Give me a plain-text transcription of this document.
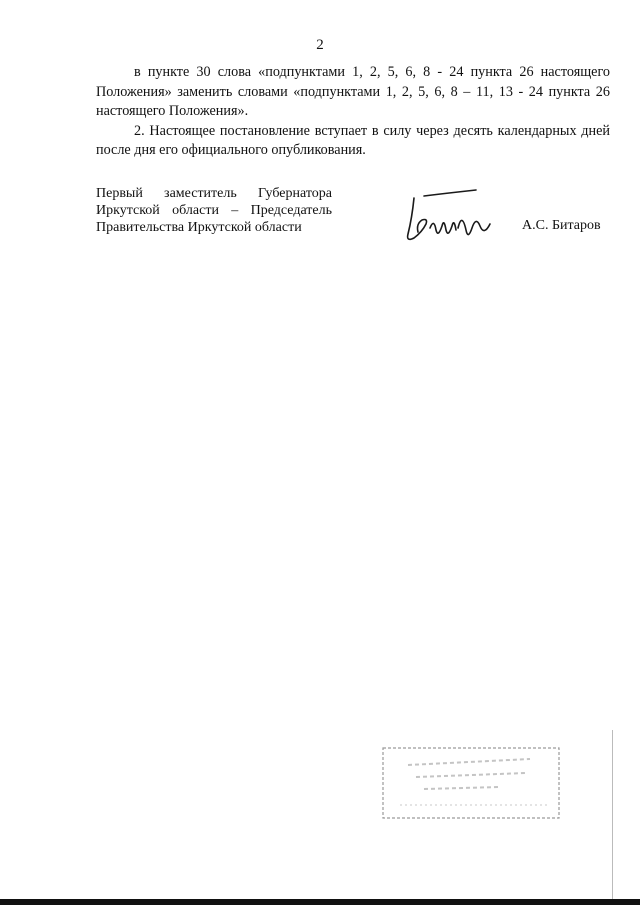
2

в пункте 30 слова «подпунктами 1, 2, 5, 6, 8 - 24 пункта 26 настоящего Положения» заменить словами «подпунктами 1, 2, 5, 6, 8 – 11, 13 - 24 пункта 26 настоящего Положения».

2. Настоящее постановление вступает в силу через десять календарных дней после дня его официального опубликования.

Первый заместитель Губернатора
Иркутской области – Председатель
Правительства Иркутской области	А.С. Битаров
